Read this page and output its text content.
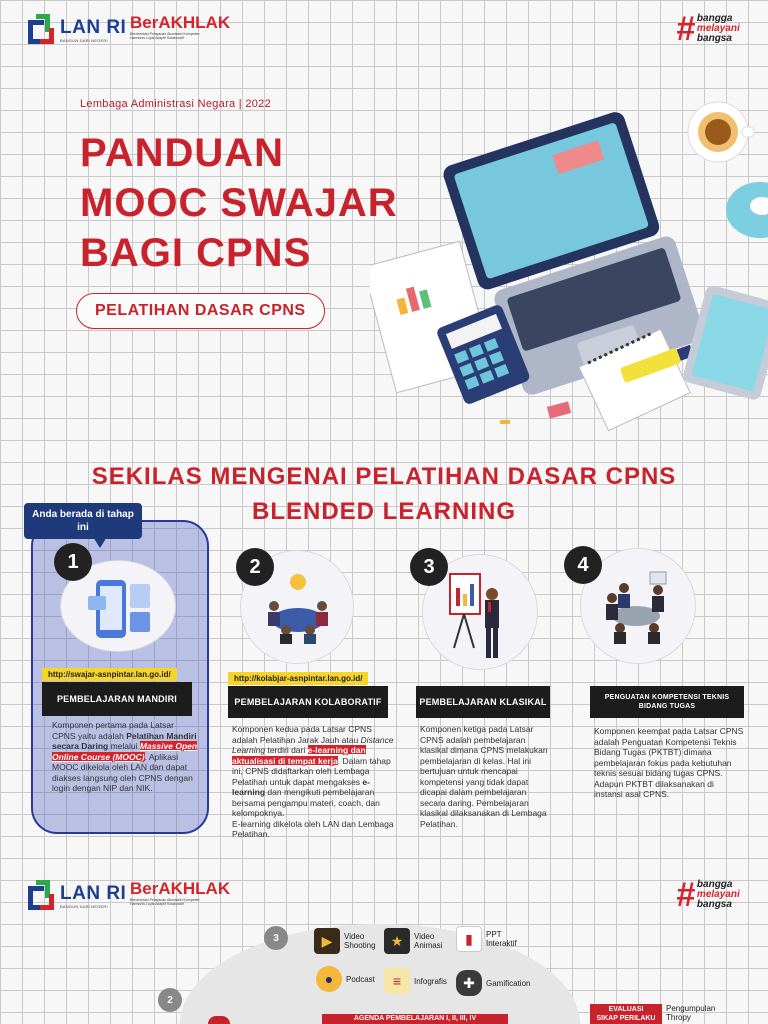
LAN RI
BANGUN DARI NEGERI
BerAKHLAK
Berorientasi Pelayanan Akuntabel Kompeten
Harmonis Loyal Adaptif Kolaboratif	# bangga
melayani
bangsa
Lembaga Administrasi Negara | 2022
PANDUAN
MOOC SWAJAR
BAGI CPNS
PELATIHAN DASAR CPNS
SEKILAS MENGENAI PELATIHAN DASAR CPNS
BLENDED LEARNING
Anda berada di tahap ini
1
http://swajar-asnpintar.lan.go.id/
PEMBELAJARAN MANDIRI
Komponen pertama pada Latsar CPNS yaitu adalah Pelatihan Mandiri secara Daring melalui Massive Open Online Course (MOOC). Aplikasi MOOC dikelola oleh LAN dan dapat diakses langsung oleh CPNS dengan login dengan NIP dan NIK.
2
http://kolabjar-asnpintar.lan.go.id/
PEMBELAJARAN KOLABORATIF
Komponen kedua pada Latsar CPNS adalah Pelatihan Jarak Jauh atau Distance Learning terdiri dari e-learning dan aktualisasi di tempat kerja. Dalam tahap ini, CPNS didaftarkan oleh Lembaga Pelatihan untuk dapat mengakses e-learning dan mengikuti pembelajaran bersama pengampu materi, coach, dan kelompoknya.
E-learning dikelola oleh LAN dan Lembaga Pelatihan.
3
PEMBELAJARAN KLASIKAL
Komponen ketiga pada Latsar CPNS adalah pembelajaran klasikal dimana CPNS melakukan pembelajaran di kelas. Hal ini bertujuan untuk mencapai kompetensi yang tidak dapat dicapai dalam pembelajaran secara daring. Pembelajaran klasikal dilaksanakan di Lembaga Pelatihan.
4
PENGUATAN KOMPETENSI TEKNIS
BIDANG TUGAS
Komponen keempat pada Latsar CPNS adalah Penguatan Kompetensi Teknis Bidang Tugas (PKTBT) dimana pembelajaran fokus pada kebutuhan teknis sesuai bidang tugas CPNS. Adapun PKTBT dilaksanakan di instansi asal CPNS.
LAN RI
BANGUN DARI NEGERI
BerAKHLAK
Berorientasi Pelayanan Akuntabel Kompeten
Harmonis Loyal Adaptif Kolaboratif	# bangga
melayani
bangsa
3
2
▶	Video
Shooting	★	Video
Animasi	▮	PPT
Interaktif
●	Podcast	≡	Infografis	✚	Gamification
AGENDA PEMBELAJARAN I, II, III, IV
EVALUASI
SIKAP PERILAKU
Pengumpulan
Thropy
